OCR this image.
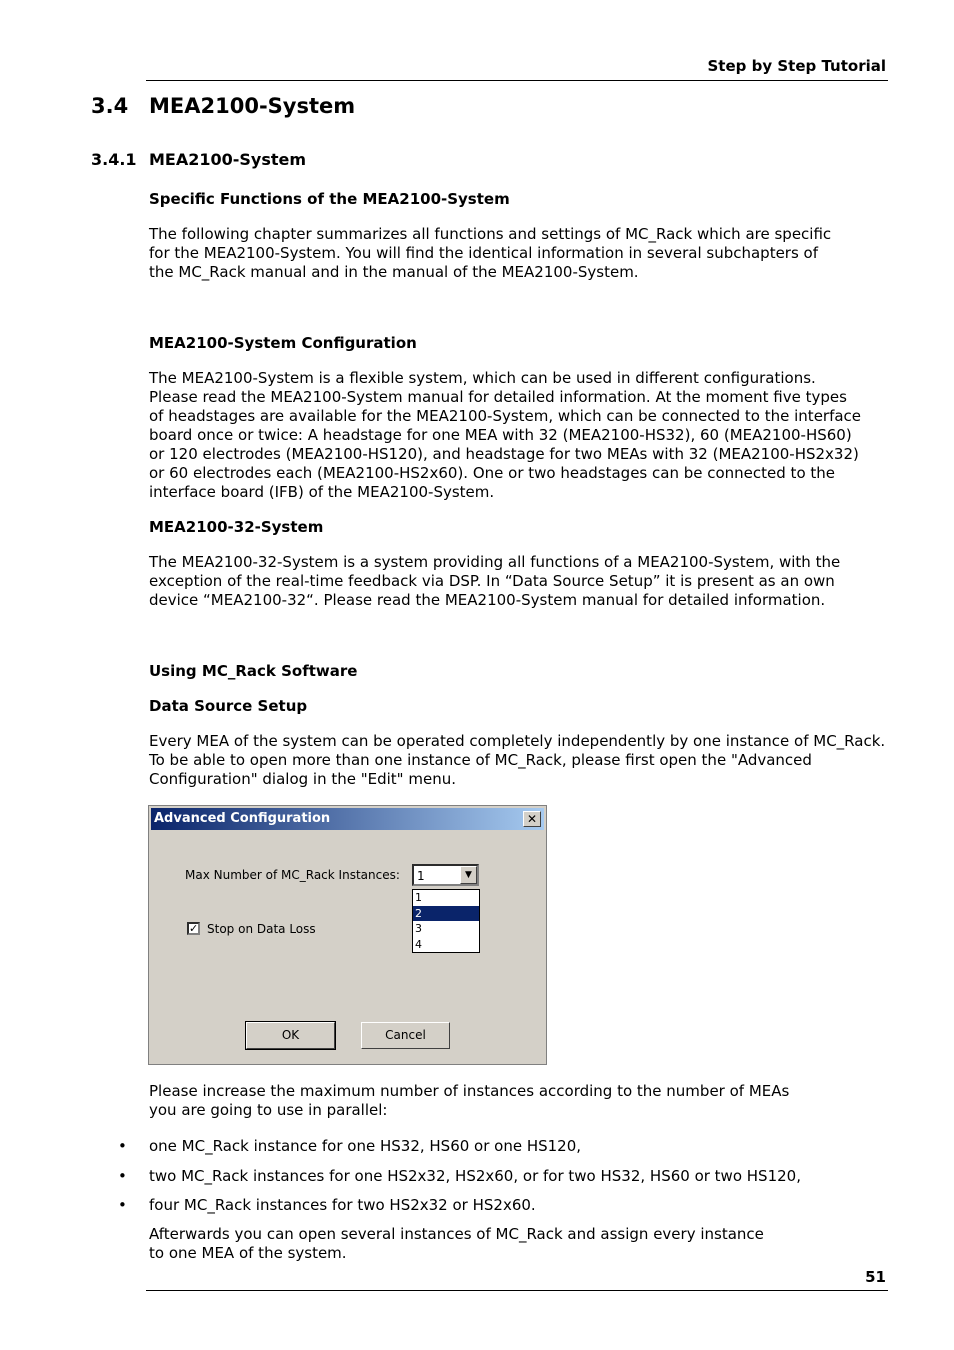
Step by Step Tutorial
3.4 MEA2100-System
3.4.1 MEA2100-System
Specific Functions of the MEA2100-System

The following chapter summarizes all functions and settings of MC_Rack which are specific
for the MEA2100-System. You will find the identical information in several subchapters of
the MC_Rack manual and in the manual of the MEA2100-System.

MEA2100-System Configuration

The MEA2100-System is a flexible system, which can be used in different configurations.
Please read the MEA2100-System manual for detailed information. At the moment five types
of headstages are available for the MEA2100-System, which can be connected to the interface
board once or twice: A headstage for one MEA with 32 (MEA2100-HS32), 60 (MEA2100-HS60)
or 120 electrodes (MEA2100-HS120), and headstage for two MEAs with 32 (MEA2100-HS2x32)
or 60 electrodes each (MEA2100-HS2x60). One or two headstages can be connected to the
interface board (IFB) of the MEA2100-System.

MEA2100-32-System

The MEA2100-32-System is a system providing all functions of a MEA2100-System, with the
exception of the real-time feedback via DSP. In “Data Source Setup” it is present as an own
device “MEA2100-32“. Please read the MEA2100-System manual for detailed information.

Using MC_Rack Software
Data Source Setup

Every MEA of the system can be operated completely independently by one instance of MC_Rack.
To be able to open more than one instance of MC_Rack, please first open the "Advanced
Configuration" dialog in the "Edit" menu.

Advanced Configuration	✕
Max Number of MC_Rack Instances: 1	▼
1
2
3
4
✓ Stop on Data Loss
OK	Cancel

Please increase the maximum number of instances according to the number of MEAs
you are going to use in parallel:

• one MC_Rack instance for one HS32, HS60 or one HS120,
• two MC_Rack instances for one HS2x32, HS2x60, or for two HS32, HS60 or two HS120,
• four MC_Rack instances for two HS2x32 or HS2x60.

Afterwards you can open several instances of MC_Rack and assign every instance
to one MEA of the system.

51
